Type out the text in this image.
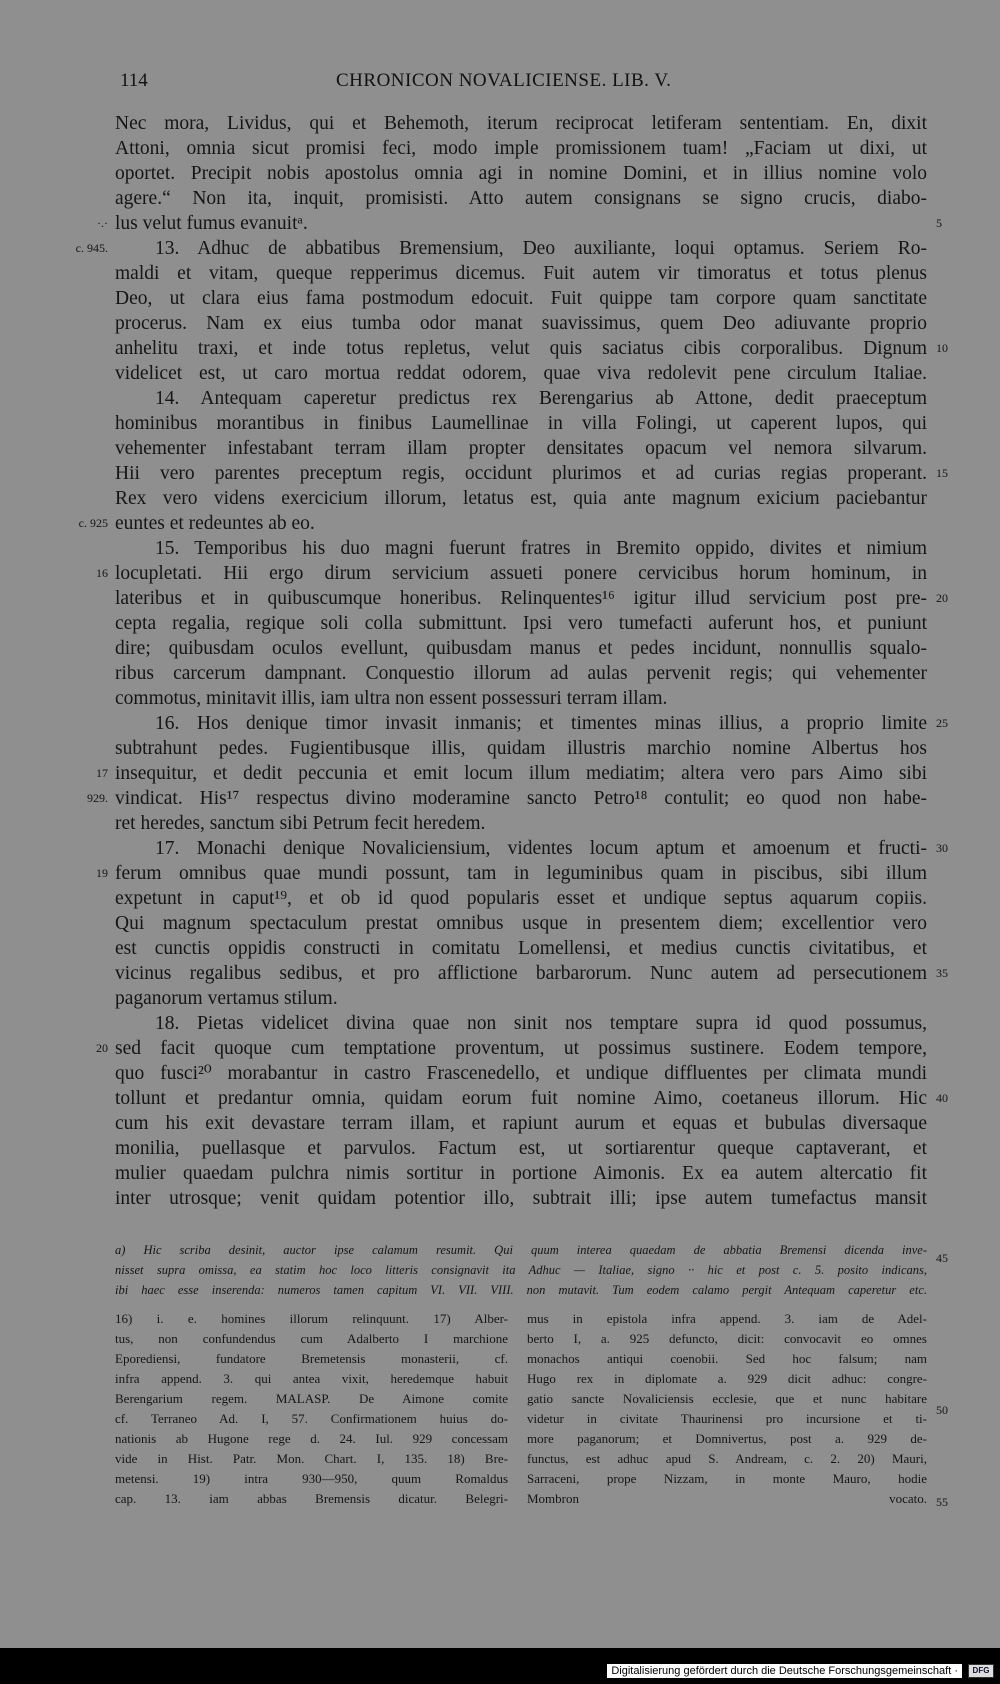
114	CHRONICON NOVALICIENSE. LIB. V.
Nec mora, Lividus, qui et Behemoth, iterum reciprocat letiferam sententiam. En, dixit
Attoni, omnia sicut promisi feci, modo imple promissionem tuam! „Faciam ut dixi, ut
oportet. Precipit nobis apostolus omnia agi in nomine Domini, et in illius nomine volo
agere.“ Non ita, inquit, promisisti. Atto autem consignans se signo crucis, diabo-
lus velut fumus evanuitᵃ.
13. Adhuc de abbatibus Bremensium, Deo auxiliante, loqui optamus. Seriem Ro-
maldi et vitam, queque repperimus dicemus. Fuit autem vir timoratus et totus plenus
Deo, ut clara eius fama postmodum edocuit. Fuit quippe tam corpore quam sanctitate
procerus. Nam ex eius tumba odor manat suavissimus, quem Deo adiuvante proprio
anhelitu traxi, et inde totus repletus, velut quis saciatus cibis corporalibus. Dignum
videlicet est, ut caro mortua reddat odorem, quae viva redolevit pene circulum Italiae.
14. Antequam caperetur predictus rex Berengarius ab Attone, dedit praeceptum
hominibus morantibus in finibus Laumellinae in villa Folingi, ut caperent lupos, qui
vehementer infestabant terram illam propter densitates opacum vel nemora silvarum.
Hii vero parentes preceptum regis, occidunt plurimos et ad curias regias properant.
Rex vero videns exercicium illorum, letatus est, quia ante magnum exicium paciebantur
euntes et redeuntes ab eo.
15. Temporibus his duo magni fuerunt fratres in Bremito oppido, divites et nimium
locupletati. Hii ergo dirum servicium assueti ponere cervicibus horum hominum, in
lateribus et in quibuscumque honeribus. Relinquentes¹⁶ igitur illud servicium post pre-
cepta regalia, regique soli colla submittunt. Ipsi vero tumefacti auferunt hos, et puniunt
dire; quibusdam oculos evellunt, quibusdam manus et pedes incidunt, nonnullis squalo-
ribus carcerum dampnant. Conquestio illorum ad aulas pervenit regis; qui vehementer
commotus, minitavit illis, iam ultra non essent possessuri terram illam.
16. Hos denique timor invasit inmanis; et timentes minas illius, a proprio limite
subtrahunt pedes. Fugientibusque illis, quidam illustris marchio nomine Albertus hos
insequitur, et dedit peccunia et emit locum illum mediatim; altera vero pars Aimo sibi
vindicat. His¹⁷ respectus divino moderamine sancto Petro¹⁸ contulit; eo quod non habe-
ret heredes, sanctum sibi Petrum fecit heredem.
17. Monachi denique Novaliciensium, videntes locum aptum et amoenum et fructi-
ferum omnibus quae mundi possunt, tam in leguminibus quam in piscibus, sibi illum
expetunt in caput¹⁹, et ob id quod popularis esset et undique septus aquarum copiis.
Qui magnum spectaculum prestat omnibus usque in presentem diem; excellentior vero
est cunctis oppidis constructi in comitatu Lomellensi, et medius cunctis civitatibus, et
vicinus regalibus sedibus, et pro afflictione barbarorum. Nunc autem ad persecutionem
paganorum vertamus stilum.
18. Pietas videlicet divina quae non sinit nos temptare supra id quod possumus,
sed facit quoque cum temptatione proventum, ut possimus sustinere. Eodem tempore,
quo fusci²⁰ morabantur in castro Frascenedello, et undique diffluentes per climata mundi
tollunt et predantur omnia, quidam eorum fuit nomine Aimo, coetaneus illorum. Hic
cum his exit devastare terram illam, et rapiunt aurum et equas et bubulas diversaque
monilia, puellasque et parvulos. Factum est, ut sortiarentur queque captaverant, et
mulier quaedam pulchra nimis sortitur in portione Aimonis. Ex ea autem altercatio fit
inter utrosque; venit quidam potentior illo, subtrait illi; ipse autem tumefactus mansit
5
10
15
20
25
30
35
40
·.·
c. 945.
c. 925
16
17
929.
19
20
a) Hic scriba desinit, auctor ipse calamum resumit. Qui quum interea quaedam de abbatia Bremensi dicenda inve-
nisset supra omissa, ea statim hoc loco litteris consignavit ita Adhuc — Italiae, signo ·· hic et post c. 5. posito indicans,
ibi haec esse inserenda: numeros tamen capitum VI. VII. VIII. non mutavit. Tum eodem calamo pergit Antequam caperetur etc.
16) i. e. homines illorum relinquunt. 17) Alber-
tus, non confundendus cum Adalberto I marchione
Eporediensi, fundatore Bremetensis monasterii, cf.
infra append. 3. qui antea vixit, heredemque habuit
Berengarium regem. MALASP. De Aimone comite
cf. Terraneo Ad. I, 57. Confirmationem huius do-
nationis ab Hugone rege d. 24. Iul. 929 concessam
vide in Hist. Patr. Mon. Chart. I, 135. 18) Bre-
metensi. 19) intra 930—950, quum Romaldus
cap. 13. iam abbas Bremensis dicatur. Belegri-
mus in epistola infra append. 3. iam de Adel-
berto I, a. 925 defuncto, dicit: convocavit eo omnes
monachos antiqui coenobii. Sed hoc falsum; nam
Hugo rex in diplomate a. 929 dicit adhuc: congre-
gatio sancte Novaliciensis ecclesie, que et nunc habitare
videtur in civitate Thaurinensi pro incursione et ti-
more paganorum; et Domnivertus, post a. 929 de-
functus, est adhuc apud S. Andream, c. 2. 20) Mauri,
Sarraceni, prope Nizzam, in monte Mauro, hodie
Mombron vocato.
45
50
55
Digitalisierung gefördert durch die Deutsche Forschungsgemeinschaft ·	DFG
